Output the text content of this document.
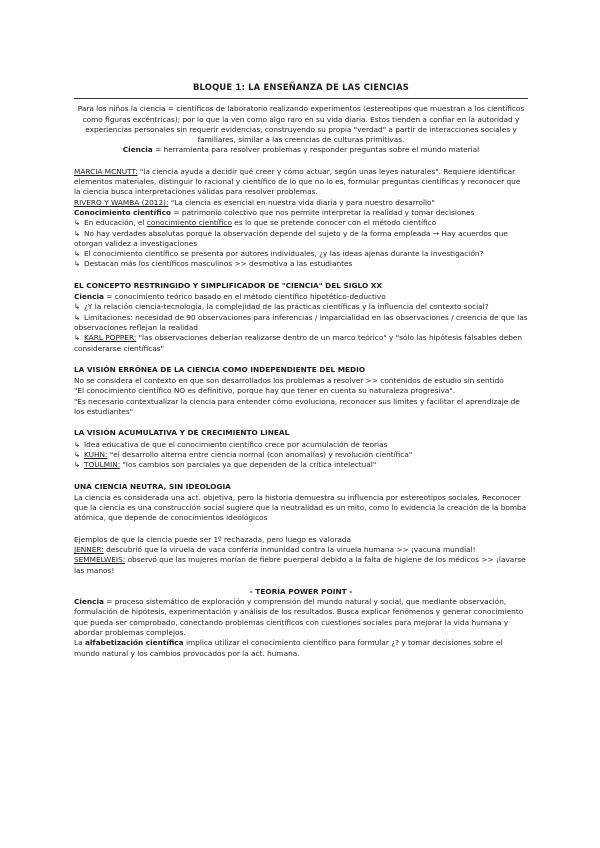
BLOQUE 1: LA ENSEÑANZA DE LAS CIENCIAS

Para los niños la ciencia = científicos de laboratorio realizando experimentos (estereotipos que muestran a los científicos como figuras excéntricas); por lo que la ven como algo raro en su vida diaria. Estos tienden a confiar en la autoridad y experiencias personales sin requerir evidencias, construyendo su propia "verdad" a partir de interacciones sociales y familiares, similar a las creencias de culturas primitivas.

Ciencia = herramienta para resolver problemas y responder preguntas sobre el mundo material

MARCIA MCNUTT: "la ciencia ayuda a decidir qué creer y cómo actuar, según unas leyes naturales". Requiere identificar elementos materiales, distinguir lo racional y científico de lo que no lo es, formular preguntas científicas y reconocer que la ciencia busca interpretaciones válidas para resolver problemas.

RIVERO Y WAMBA (2012): "La ciencia es esencial en nuestra vida diaria y para nuestro desarrollo"

Conocimiento científico = patrimonio colectivo que nos permite interpretar la realidad y tomar decisiones

↳ En educación, el conocimiento científico es lo que se pretende conocer con el método científico

↳ No hay verdades absolutas porque la observación depende del sujeto y de la forma empleada → Hay acuerdos que otorgan validez a investigaciones

↳ El conocimiento científico se presenta por autores individuales, ¿y las ideas ajenas durante la investigación?

↳ Destacan más los científicos masculinos >> desmotiva a las estudiantes

EL CONCEPTO RESTRINGIDO Y SIMPLIFICADOR DE "CIENCIA" DEL SIGLO XX

Ciencia = conocimiento teórico basado en el método científico hipotético-deductivo

↳ ¿Y la relación ciencia-tecnología, la complejidad de las prácticas científicas y la influencia del contexto social?

↳ Limitaciones: necesidad de 90 observaciones para inferencias / imparcialidad en las observaciones / creencia de que las observaciones reflejan la realidad

↳ KARL POPPER: "las observaciones deberían realizarse dentro de un marco teórico" y "sólo las hipótesis falsables deben considerarse científicas"

LA VISIÓN ERRÓNEA DE LA CIENCIA COMO INDEPENDIENTE DEL MEDIO

No se considera el contexto en que son desarrollados los problemas a resolver >> contenidos de estudio sin sentido

"El conocimiento científico NO es definitivo, porque hay que tener en cuenta su naturaleza progresiva".

"Es necesario contextualizar la ciencia para entender cómo evoluciona, reconocer sus límites y facilitar el aprendizaje de los estudiantes"

LA VISIÓN ACUMULATIVA Y DE CRECIMIENTO LINEAL

↳ Idea educativa de que el conocimiento científico crece por acumulación de teorías

↳ KUHN: "el desarrollo alterna entre ciencia normal (con anomalías) y revolución científica"

↳ TOULMIN: "los cambios son parciales ya que dependen de la crítica intelectual"

UNA CIENCIA NEUTRA, SIN IDEOLOGIA

La ciencia es considerada una act. objetiva, pero la historia demuestra su influencia por estereotipos sociales. Reconocer que la ciencia es una construcción social sugiere que la neutralidad es un mito, como lo evidencia la creación de la bomba atómica, que depende de conocimientos ideológicos

Ejemplos de que la ciencia puede ser 1º rechazada, pero luego es valorada

JENNER: descubrió que la viruela de vaca confería inmunidad contra la viruela humana >> ¡vacuna mundial!

SEMMELWEIS: observó que las mujeres morían de fiebre puerperal debido a la falta de higiene de los médicos >> ¡lavarse las manos!

- TEORÍA POWER POINT -

Ciencia = proceso sistemático de exploración y comprensión del mundo natural y social, que mediante observación, formulación de hipótesis, experimentación y análisis de los resultados. Busca explicar fenómenos y generar conocimiento que pueda ser comprobado, conectando problemas científicos con cuestiones sociales para mejorar la vida humana y abordar problemas complejos.

La alfabetización científica implica utilizar el conocimiento científico para formular ¿? y tomar decisiones sobre el mundo natural y los cambios provocados por la act. humana.
